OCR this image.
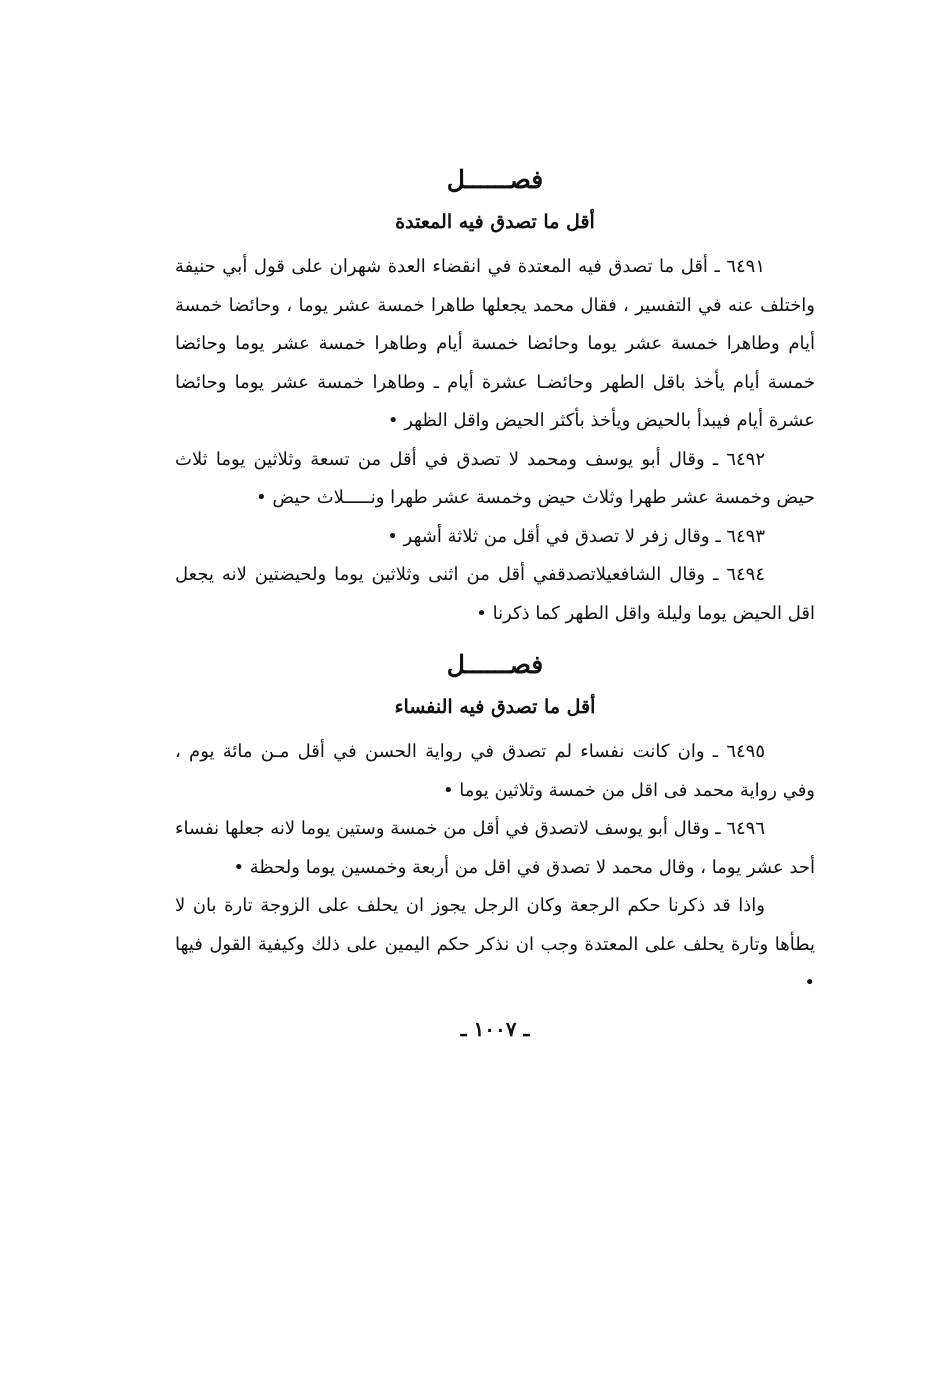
فصــــــل
أقل ما تصدق فيه المعتدة

٦٤٩١ ـ أقل ما تصدق فيه المعتدة في انقضاء العدة شهران على قول أبي حنيفة واختلف عنه في التفسير ، فقال محمد يجعلها طاهرا خمسة عشر يوما ، وحائضا خمسة أيام وطاهرا خمسة عشر يوما وحائضا خمسة أيام وطاهرا خمسة عشر يوما وحائضا خمسة أيام يأخذ باقل الطهر وحائضـا عشرة أيام ـ وطاهرا خمسة عشر يوما وحائضا عشرة أيام فيبدأ بالحيض ويأخذ بأكثر الحيض واقل الظهر •

٦٤٩٢ ـ وقال أبو يوسف ومحمد لا تصدق في أقل من تسعة وثلاثين يوما ثلاث حيض وخمسة عشر طهرا وثلاث حيض وخمسة عشر طهرا ونـــــلاث حيض •

٦٤٩٣ ـ وقال زفر لا تصدق في أقل من ثلاثة أشهر •

٦٤٩٤ ـ وقال الشافعيلاتصدقفي أقل من اثنى وثلاثين يوما ولحيضتين لانه يجعل اقل الحيض يوما وليلة واقل الطهر كما ذكرنا •

فصــــــل
أقل ما تصدق فيه النفساء

٦٤٩٥ ـ وان كانت نفساء لم تصدق في رواية الحسن في أقل مـن مائة يوم ، وفي رواية محمد فى اقل من خمسة وثلاثين يوما •

٦٤٩٦ ـ وقال أبو يوسف لاتصدق في أقل من خمسة وستين يوما لانه جعلها نفساء أحد عشر يوما ، وقال محمد لا تصدق في اقل من أربعة وخمسين يوما ولحظة •

واذا قد ذكرنا حكم الرجعة وكان الرجل يجوز ان يحلف على الزوجة تارة بان لا يطأها وتارة يحلف على المعتدة وجب ان نذكر حكم اليمين على ذلك وكيفية القول فيها •

ـ ١٠٠٧ ـ
